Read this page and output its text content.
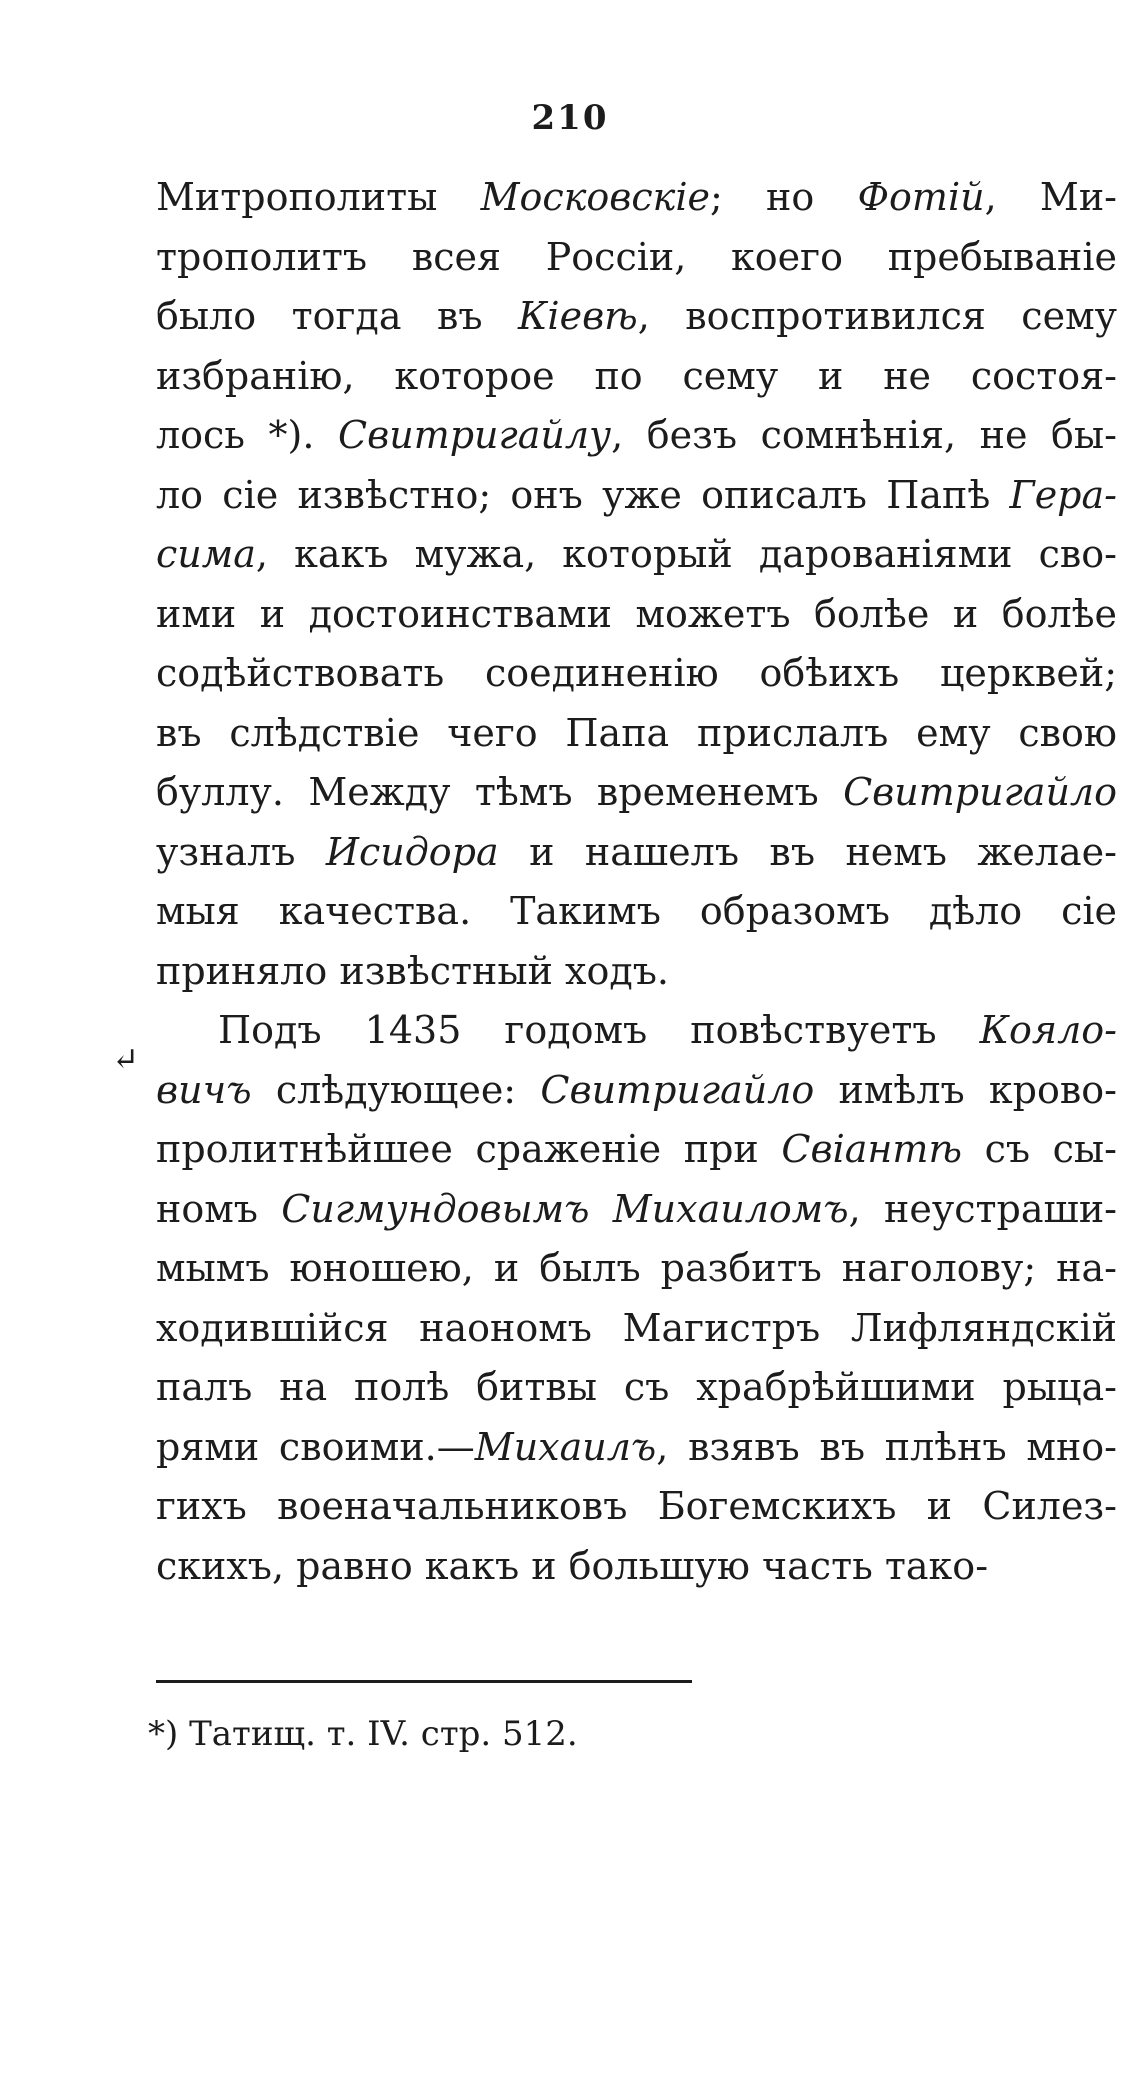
210
Митрополиты Московскіе; но Фотій, Ми-
трополитъ всея Россіи, коего пребываніе
было тогда въ Кіевѣ, воспротивился сему
избранію, которое по сему и не состоя-
лось *). Свитригайлу, безъ сомнѣнія, не бы-
ло сіе извѣстно; онъ уже описалъ Папѣ Гера-
сима, какъ мужа, который дарованіями сво-
ими и достоинствами можетъ болѣе и болѣе
содѣйствовать соединенію обѣихъ церквей;
въ слѣдствіе чего Папа прислалъ ему свою
буллу. Между тѣмъ временемъ Свитригайло
узналъ Исидора и нашелъ въ немъ желае-
мыя качества. Такимъ образомъ дѣло сіе
приняло извѣстный ходъ.
Подъ 1435 годомъ повѣствуетъ Кояло-
вичъ слѣдующее: Свитригайло имѣлъ крово-
пролитнѣйшее сраженіе при Свіантѣ съ сы-
номъ Сигмундовымъ Михаиломъ, неустраши-
мымъ юношею, и былъ разбитъ наголову; на-
ходившійся наономъ Магистръ Лифляндскій
палъ на полѣ битвы съ храбрѣйшими рыца-
рями своими.—Михаилъ, взявъ въ плѣнъ мно-
гихъ военачальниковъ Богемскихъ и Силез-
скихъ, равно какъ и большую часть тако-
↵
*) Татищ. т. IV. стр. 512.
